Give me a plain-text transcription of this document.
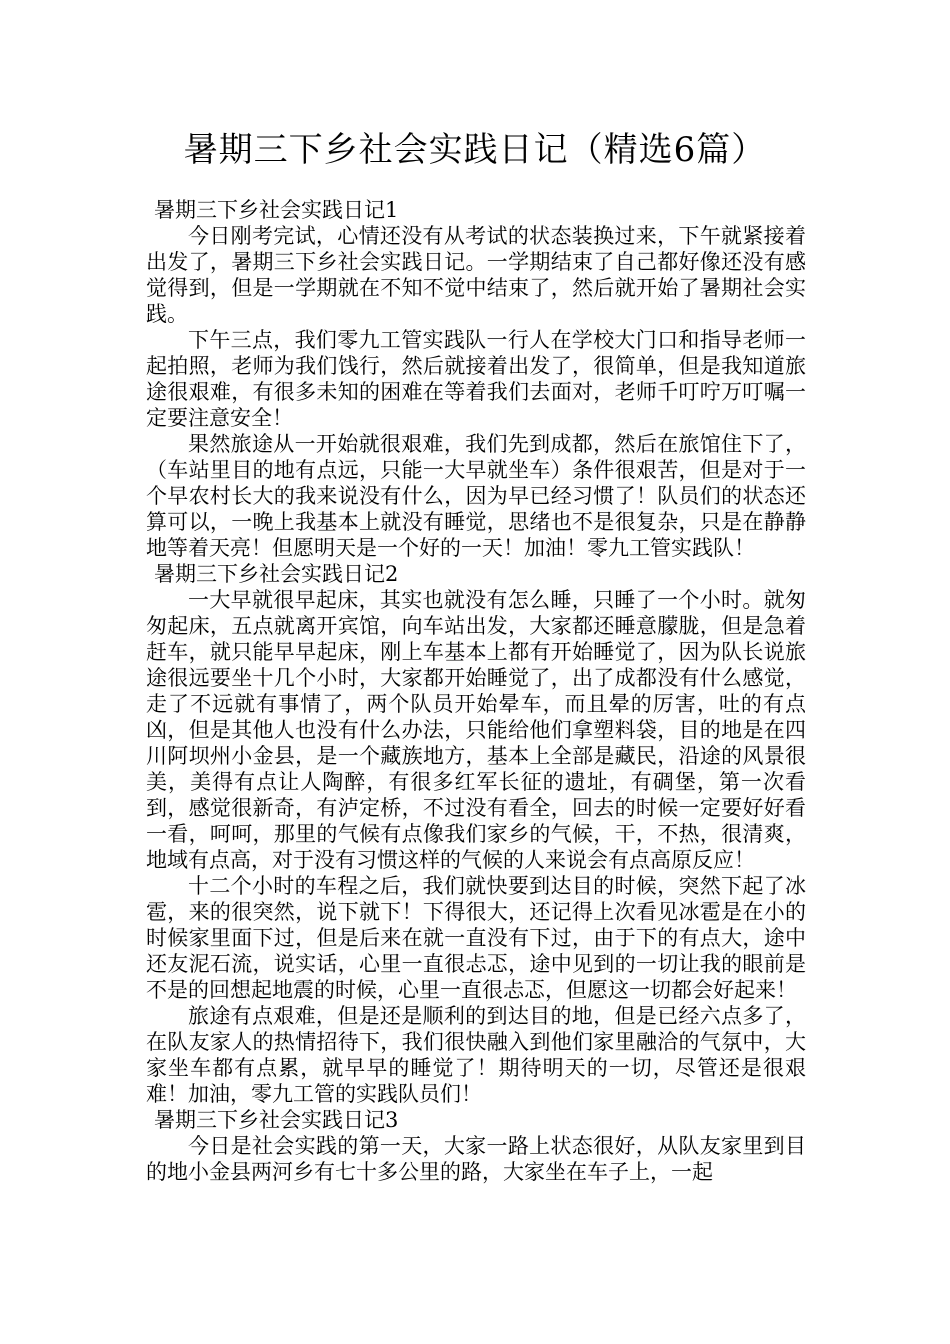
暑期三下乡社会实践日记（精选6篇）
暑期三下乡社会实践日记1

今日刚考完试，心情还没有从考试的状态装换过来，下午就紧接着出发了，暑期三下乡社会实践日记。一学期结束了自己都好像还没有感觉得到，但是一学期就在不知不觉中结束了，然后就开始了暑期社会实践。

下午三点，我们零九工管实践队一行人在学校大门口和指导老师一起拍照，老师为我们饯行，然后就接着出发了，很简单，但是我知道旅途很艰难，有很多未知的困难在等着我们去面对，老师千叮咛万叮嘱一定要注意安全！

果然旅途从一开始就很艰难，我们先到成都，然后在旅馆住下了，（车站里目的地有点远，只能一大早就坐车）条件很艰苦，但是对于一个早农村长大的我来说没有什么，因为早已经习惯了！队员们的状态还算可以，一晚上我基本上就没有睡觉，思绪也不是很复杂，只是在静静地等着天亮！但愿明天是一个好的一天！加油！零九工管实践队！

暑期三下乡社会实践日记2

一大早就很早起床，其实也就没有怎么睡，只睡了一个小时。就匆匆起床，五点就离开宾馆，向车站出发，大家都还睡意朦胧，但是急着赶车，就只能早早起床，刚上车基本上都有开始睡觉了，因为队长说旅途很远要坐十几个小时，大家都开始睡觉了，出了成都没有什么感觉，走了不远就有事情了，两个队员开始晕车，而且晕的厉害，吐的有点凶，但是其他人也没有什么办法，只能给他们拿塑料袋，目的地是在四川阿坝州小金县，是一个藏族地方，基本上全部是藏民，沿途的风景很美，美得有点让人陶醉，有很多红军长征的遗址，有碉堡，第一次看到，感觉很新奇，有泸定桥，不过没有看全，回去的时候一定要好好看一看，呵呵，那里的气候有点像我们家乡的气候，干，不热，很清爽，地域有点高，对于没有习惯这样的气候的人来说会有点高原反应！

十二个小时的车程之后，我们就快要到达目的时候，突然下起了冰雹，来的很突然，说下就下！下得很大，还记得上次看见冰雹是在小的时候家里面下过，但是后来在就一直没有下过，由于下的有点大，途中还友泥石流，说实话，心里一直很忐忑，途中见到的一切让我的眼前是不是的回想起地震的时候，心里一直很忐忑，但愿这一切都会好起来！

旅途有点艰难，但是还是顺利的到达目的地，但是已经六点多了，在队友家人的热情招待下，我们很快融入到他们家里融洽的气氛中，大家坐车都有点累，就早早的睡觉了！期待明天的一切，尽管还是很艰难！加油，零九工管的实践队员们！

暑期三下乡社会实践日记3

今日是社会实践的第一天，大家一路上状态很好，从队友家里到目的地小金县两河乡有七十多公里的路，大家坐在车子上，一起
